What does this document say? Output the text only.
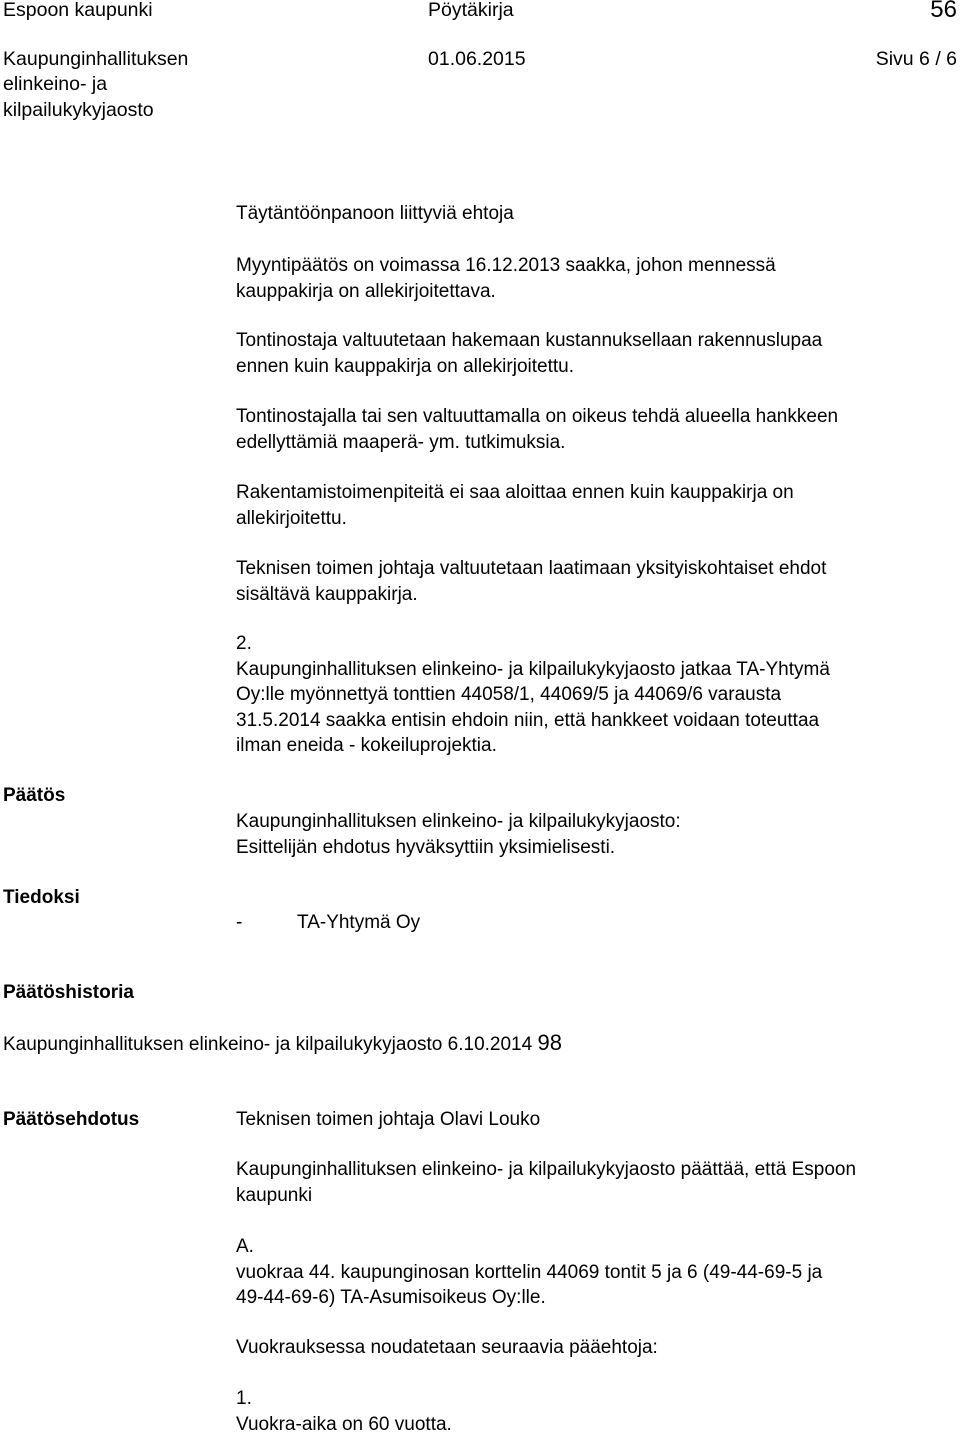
Espoon kaupunki	Pöytäkirja	56
Kaupunginhallituksen
elinkeino- ja
kilpailukykyjaosto
01.06.2015	Sivu 6 / 6
Täytäntöönpanoon liittyviä ehtoja
Myyntipäätös on voimassa 16.12.2013 saakka, johon mennessä
kauppakirja on allekirjoitettava.
Tontinostaja valtuutetaan hakemaan kustannuksellaan rakennuslupaa
ennen kuin kauppakirja on allekirjoitettu.
Tontinostajalla tai sen valtuuttamalla on oikeus tehdä alueella hankkeen
edellyttämiä maaperä- ym. tutkimuksia.
Rakentamistoimenpiteitä ei saa aloittaa ennen kuin kauppakirja on
allekirjoitettu.
Teknisen toimen johtaja valtuutetaan laatimaan yksityiskohtaiset ehdot
sisältävä kauppakirja.
2.
Kaupunginhallituksen elinkeino- ja kilpailukykyjaosto jatkaa TA-Yhtymä
Oy:lle myönnettyä tonttien 44058/1, 44069/5 ja 44069/6 varausta
31.5.2014 saakka entisin ehdoin niin, että hankkeet voidaan toteuttaa
ilman eneida - kokeiluprojektia.
Päätös
Kaupunginhallituksen elinkeino- ja kilpailukykyjaosto:
Esittelijän ehdotus hyväksyttiin yksimielisesti.
Tiedoksi
-	TA-Yhtymä Oy
Päätöshistoria
Kaupunginhallituksen elinkeino- ja kilpailukykyjaosto 6.10.2014 98
Päätösehdotus	Teknisen toimen johtaja Olavi Louko
Kaupunginhallituksen elinkeino- ja kilpailukykyjaosto päättää, että Espoon
kaupunki
A.
vuokraa 44. kaupunginosan korttelin 44069 tontit 5 ja 6 (49-44-69-5 ja
49-44-69-6) TA-Asumisoikeus Oy:lle.
Vuokrauksessa noudatetaan seuraavia pääehtoja:
1.
Vuokra-aika on 60 vuotta.
